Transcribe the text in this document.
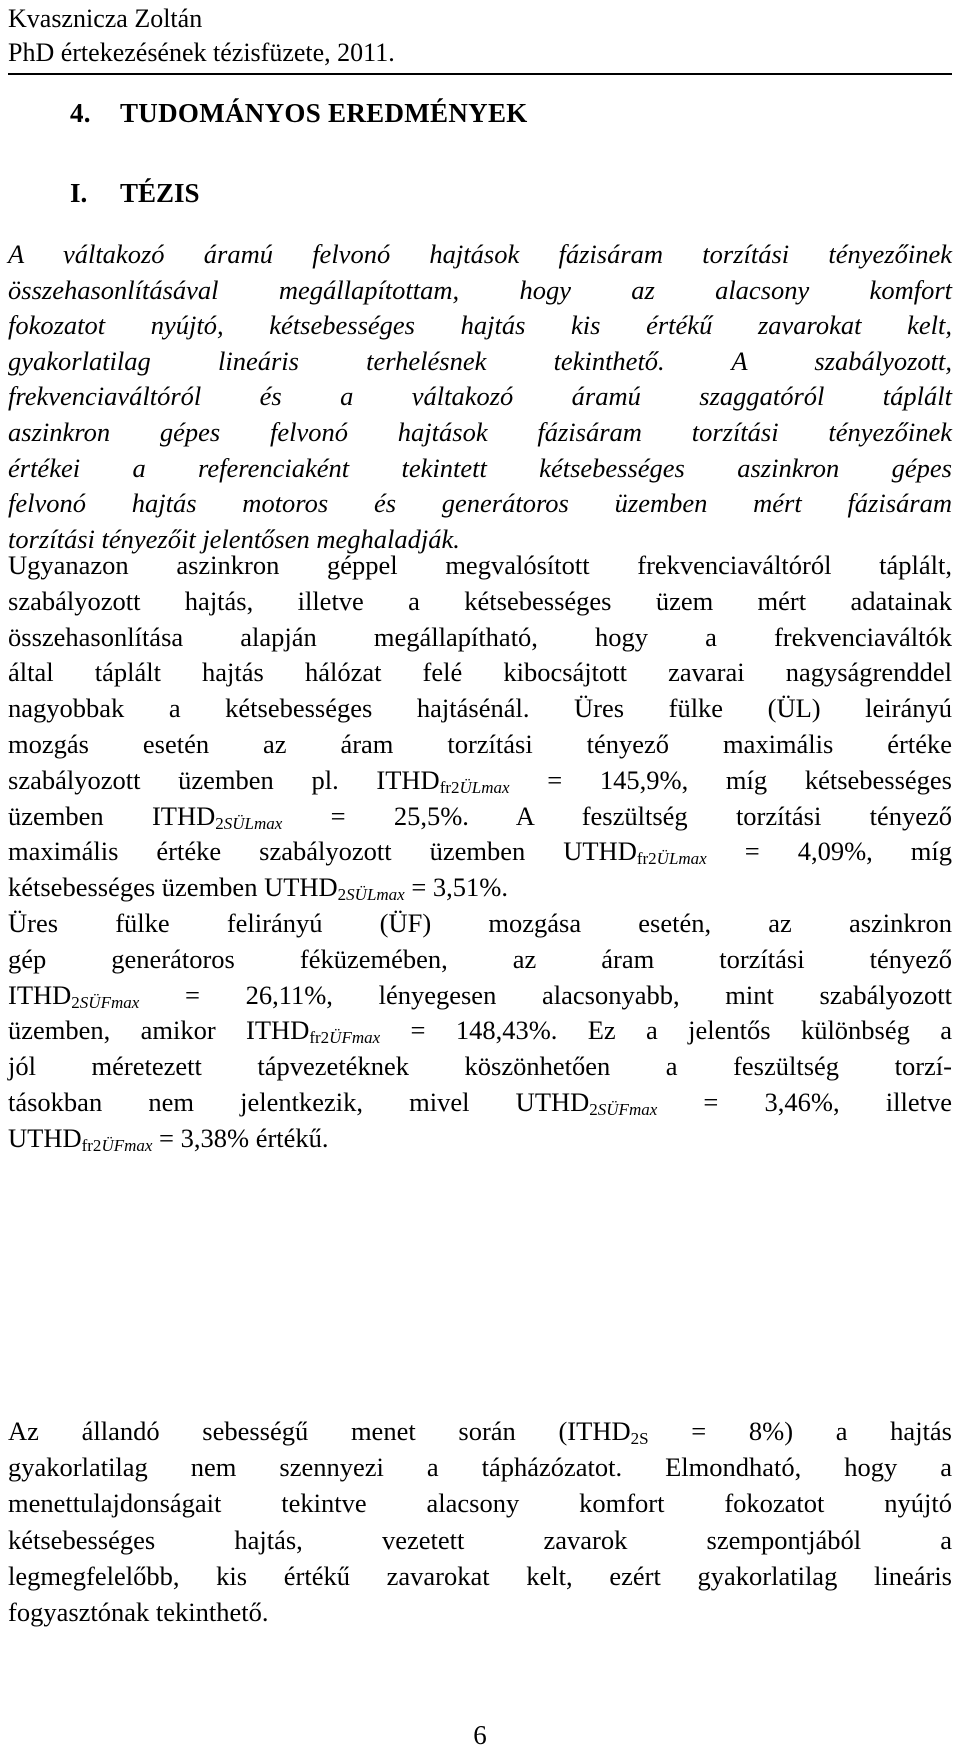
Kvasznicza Zoltán
PhD értekezésének tézisfüzete, 2011.
4. TUDOMÁNYOS EREDMÉNYEK
I. TÉZIS
A váltakozó áramú felvonó hajtások fázisáram torzítási tényezőinek
összehasonlításával megállapítottam, hogy az alacsony komfort
fokozatot nyújtó, kétsebességes hajtás kis értékű zavarokat kelt,
gyakorlatilag lineáris terhelésnek tekinthető. A szabályozott,
frekvenciaváltóról és a váltakozó áramú szaggatóról táplált
aszinkron gépes felvonó hajtások fázisáram torzítási tényezőinek
értékei a referenciaként tekintett kétsebességes aszinkron gépes
felvonó hajtás motoros és generátoros üzemben mért fázisáram
torzítási tényezőit jelentősen meghaladják.
Ugyanazon aszinkron géppel megvalósított frekvenciaváltóról táplált,
szabályozott hajtás, illetve a kétsebességes üzem mért adatainak
összehasonlítása alapján megállapítható, hogy a frekvenciaváltók
által táplált hajtás hálózat felé kibocsájtott zavarai nagyságrenddel
nagyobbak a kétsebességes hajtásénál. Üres fülke (ÜL) leirányú
mozgás esetén az áram torzítási tényező maximális értéke
szabályozott üzemben pl. $ITHD_{fr2ÜLmax} = 145,9\%$, míg kétsebességes
üzemben $ITHD_{2SÜLmax} = 25,5\%$. A feszültség torzítási tényező
maximális értéke szabályozott üzemben $UTHD_{fr2ÜLmax} = 4,09\%$, míg
kétsebességes üzemben $UTHD_{2SÜLmax} = 3,51\%$.
Üres fülke felirányú (ÜF) mozgása esetén, az aszinkron
gép generátoros féküzemében, az áram torzítási tényező
$ITHD_{2SÜFmax} = 26,11\%$, lényegesen alacsonyabb, mint szabályozott
üzemben, amikor $ITHD_{fr2ÜFmax} = 148,43\%$. Ez a jelentős különbség a
jól méretezett tápvezetéknek köszönhetően a feszültség torzí-
tásokban nem jelentkezik, mivel $UTHD_{2SÜFmax} = 3,46\%$, illetve
$UTHD_{fr2ÜFmax} = 3,38\%$ értékű.
Az állandó sebességű menet során $(ITHD_{2S} = 8\%)$ a hajtás
gyakorlatilag nem szennyezi a tápházózatot. Elmondható, hogy a
menettulajdonságait tekintve alacsony komfort fokozatot nyújtó
kétsebességes hajtás, vezetett zavarok szempontjából a
legmegfelelőbb, kis értékű zavarokat kelt, ezért gyakorlatilag lineáris
fogyasztónak tekinthető.
6
